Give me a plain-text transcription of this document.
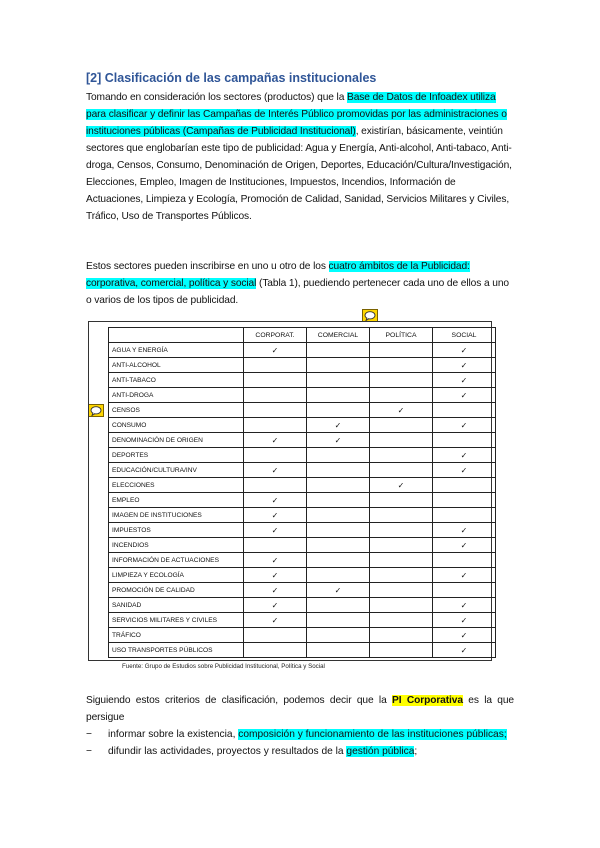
[2] Clasificación de las campañas institucionales

Tomando en consideración los sectores (productos) que la Base de Datos de Infoadex utiliza para clasificar y definir las Campañas de Interés Público promovidas por las administraciones o instituciones públicas (Campañas de Publicidad Institucional), existirían, básicamente, veintiún sectores que englobarían este tipo de publicidad: Agua y Energía, Anti-alcohol, Anti-tabaco, Anti-droga, Censos, Consumo, Denominación de Origen, Deportes, Educación/Cultura/Investigación, Elecciones, Empleo, Imagen de Instituciones, Impuestos, Incendios, Información de Actuaciones, Limpieza y Ecología, Promoción de Calidad, Sanidad, Servicios Militares y Civiles, Tráfico, Uso de Transportes Públicos.

Estos sectores pueden inscribirse en uno u otro de los cuatro ámbitos de la Publicidad: corporativa, comercial, política y social (Tabla 1), puediendo pertenecer cada uno de ellos a uno o varios de los tipos de publicidad.

	CORPORAT.	COMERCIAL	POLÍTICA	SOCIAL
AGUA Y ENERGÍA	✓			✓
ANTI-ALCOHOL				✓
ANTI-TABACO				✓
ANTI-DROGA				✓
CENSOS			✓	
CONSUMO		✓		✓
DENOMINACIÓN DE ORIGEN	✓	✓		
DEPORTES				✓
EDUCACIÓN/CULTURA/INV	✓			✓
ELECCIONES			✓	
EMPLEO	✓			
IMAGEN DE INSTITUCIONES	✓			
IMPUESTOS	✓			✓
INCENDIOS				✓
INFORMACIÓN DE ACTUACIONES	✓			
LIMPIEZA Y ECOLOGÍA	✓			✓
PROMOCIÓN DE CALIDAD	✓	✓		
SANIDAD	✓			✓
SERVICIOS MILITARES Y CIVILES	✓			✓
TRÁFICO				✓
USO TRANSPORTES PÚBLICOS				✓
Fuente: Grupo de Estudios sobre Publicidad Institucional, Política y Social

Siguiendo estos criterios de clasificación, podemos decir que la PI Corporativa es la que persigue

− informar sobre la existencia, composición y funcionamiento de las instituciones públicas;
− difundir las actividades, proyectos y resultados de la gestión pública;
